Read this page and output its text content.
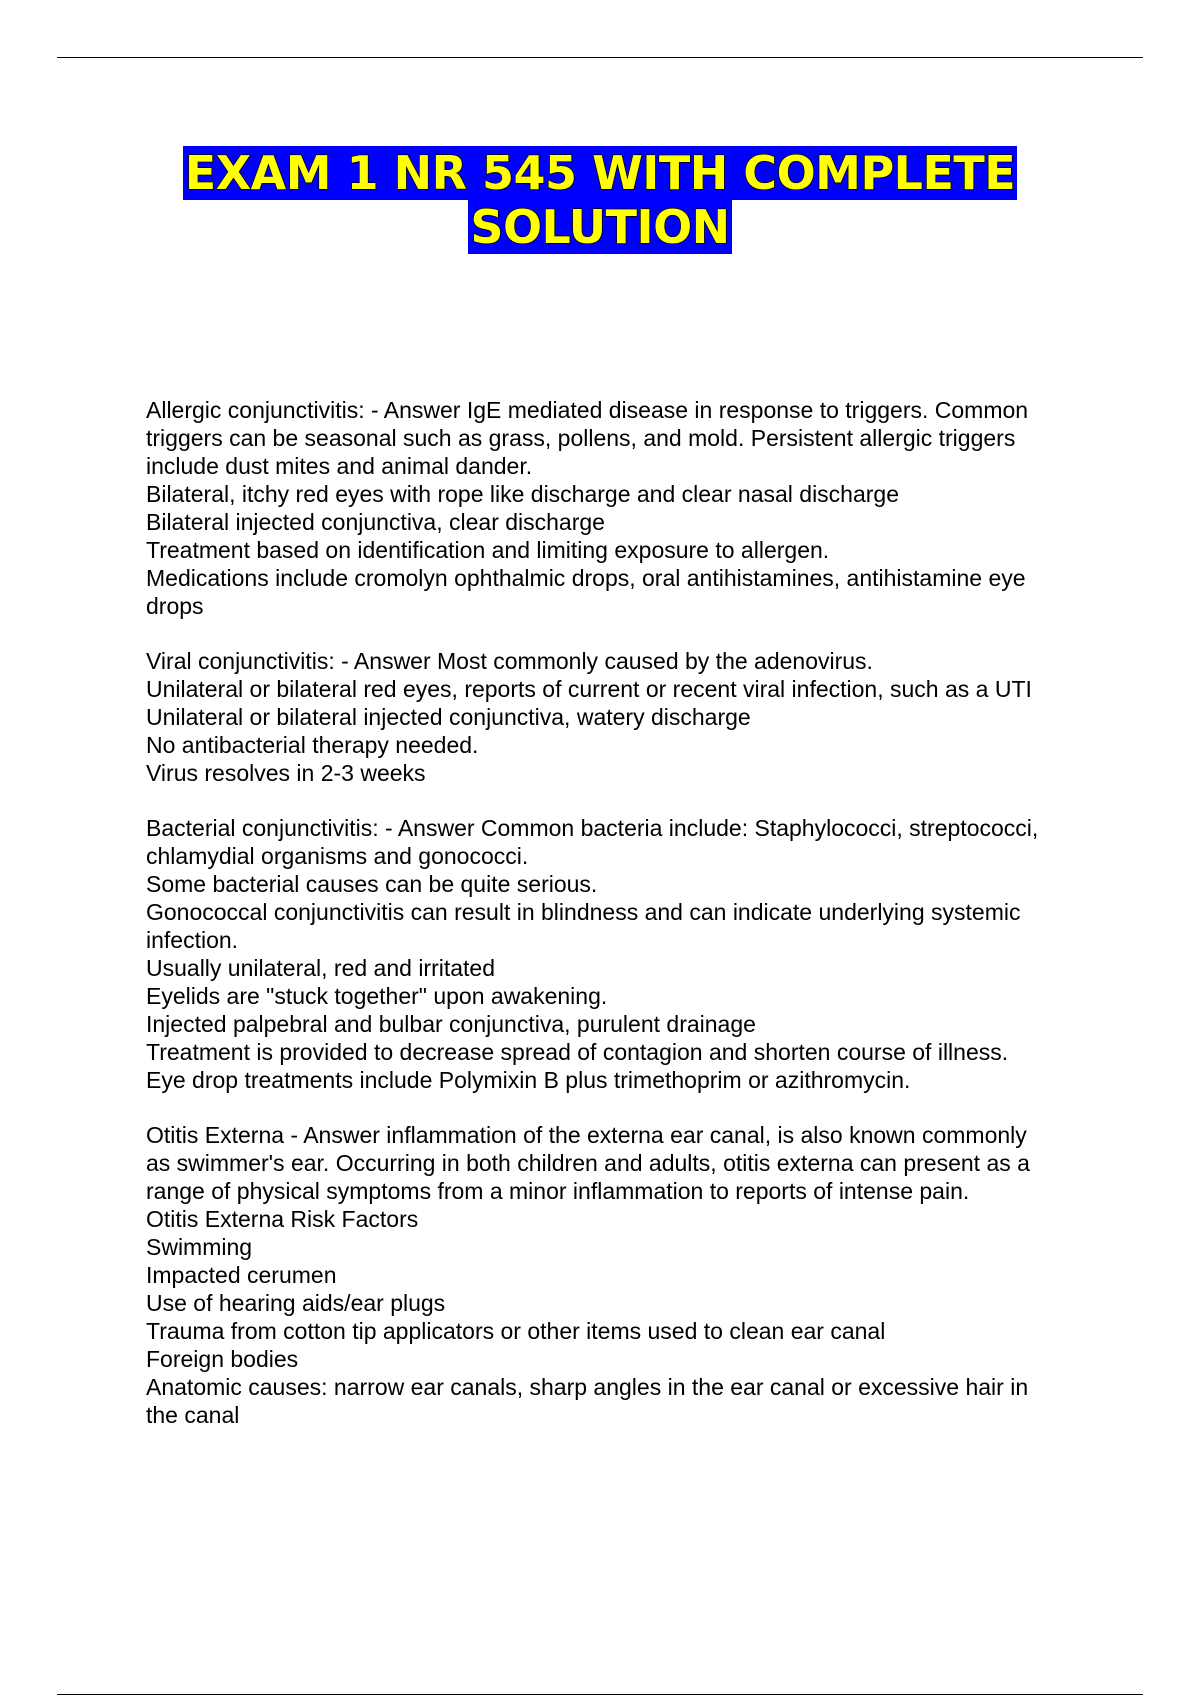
EXAM 1 NR 545 WITH COMPLETE
SOLUTION
Allergic conjunctivitis: - Answer IgE mediated disease in response to triggers. Common
triggers can be seasonal such as grass, pollens, and mold. Persistent allergic triggers
include dust mites and animal dander.
Bilateral, itchy red eyes with rope like discharge and clear nasal discharge
Bilateral injected conjunctiva, clear discharge
Treatment based on identification and limiting exposure to allergen.
Medications include cromolyn ophthalmic drops, oral antihistamines, antihistamine eye
drops
Viral conjunctivitis: - Answer Most commonly caused by the adenovirus.
Unilateral or bilateral red eyes, reports of current or recent viral infection, such as a UTI
Unilateral or bilateral injected conjunctiva, watery discharge
No antibacterial therapy needed.
Virus resolves in 2-3 weeks
Bacterial conjunctivitis: - Answer Common bacteria include: Staphylococci, streptococci,
chlamydial organisms and gonococci.
Some bacterial causes can be quite serious.
Gonococcal conjunctivitis can result in blindness and can indicate underlying systemic
infection.
Usually unilateral, red and irritated
Eyelids are "stuck together" upon awakening.
Injected palpebral and bulbar conjunctiva, purulent drainage
Treatment is provided to decrease spread of contagion and shorten course of illness.
Eye drop treatments include Polymixin B plus trimethoprim or azithromycin.
Otitis Externa - Answer inflammation of the externa ear canal, is also known commonly
as swimmer's ear. Occurring in both children and adults, otitis externa can present as a
range of physical symptoms from a minor inflammation to reports of intense pain.
Otitis Externa Risk Factors
Swimming
Impacted cerumen
Use of hearing aids/ear plugs
Trauma from cotton tip applicators or other items used to clean ear canal
Foreign bodies
Anatomic causes: narrow ear canals, sharp angles in the ear canal or excessive hair in
the canal
